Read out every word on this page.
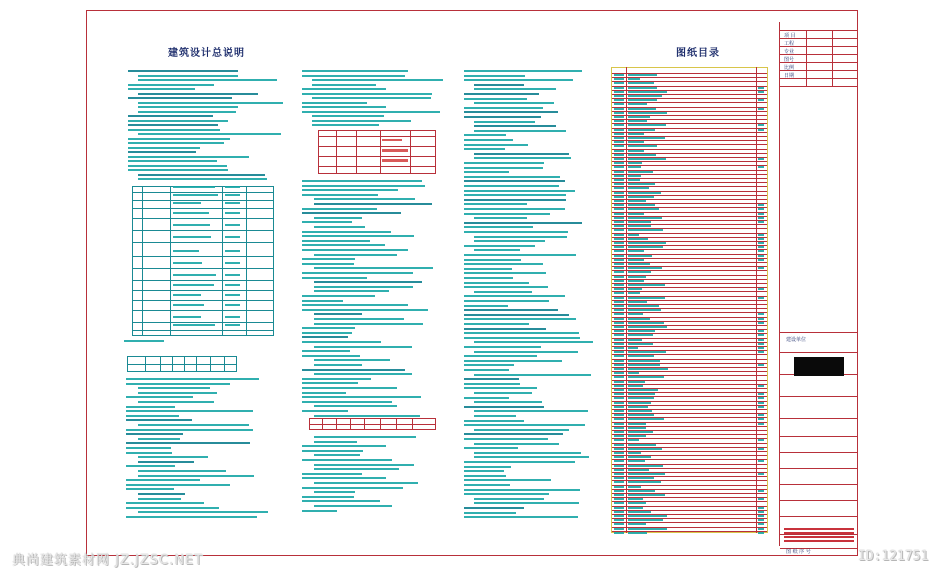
建筑设计总说明	图纸目录
建设单位
图 纸 序 号
项 目
工程
专业
图号
比例
日期
典尚建筑素材网 JZ.JZSC.NET	ID:121751
